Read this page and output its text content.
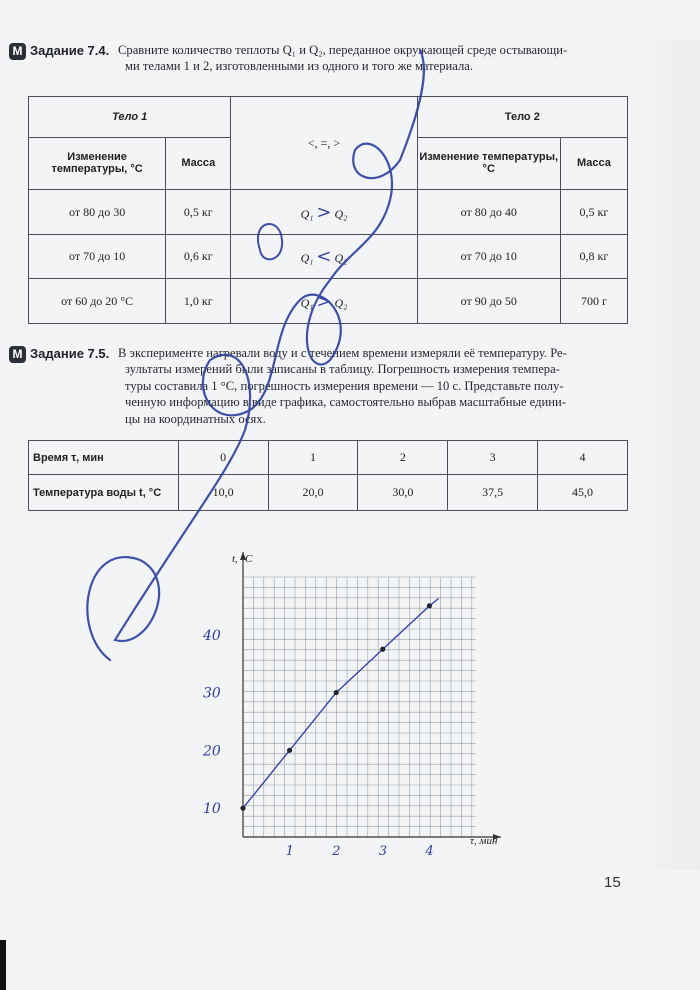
М Задание 7.4. Сравните количество теплоты Q₁ и Q₂, переданное окружающей среде остывающи-
ми телами 1 и 2, изготовленными из одного и того же материала.
Тело 1		<, =, >	Тело 2	
Изменение температуры, °C	Масса		Изменение температуры, °C	Масса
от 80 до 30	0,5 кг	Q₁ > Q₂	от 80 до 40	0,5 кг
от 70 до 10	0,6 кг	Q₁ < Q₂	от 70 до 10	0,8 кг
от 60 до 20 °C	1,0 кг	Q₁ > Q₂	от 90 до 50	700 г
М Задание 7.5. В эксперименте нагревали воду и с течением времени измеряли её температуру. Ре-
зультаты измерений были записаны в таблицу. Погрешность измерения темпера-
туры составила 1 °C, погрешность измерения времени — 10 с. Представьте полу-
ченную информацию в виде графика, самостоятельно выбрав масштабные едини-
цы на координатных осях.
Время τ, мин	0	1	2	3	4
Температура воды t, °C	10,0	20,0	30,0	37,5	45,0
1	2	3	4
10
20
30
40
t, °C
τ, мин
15
